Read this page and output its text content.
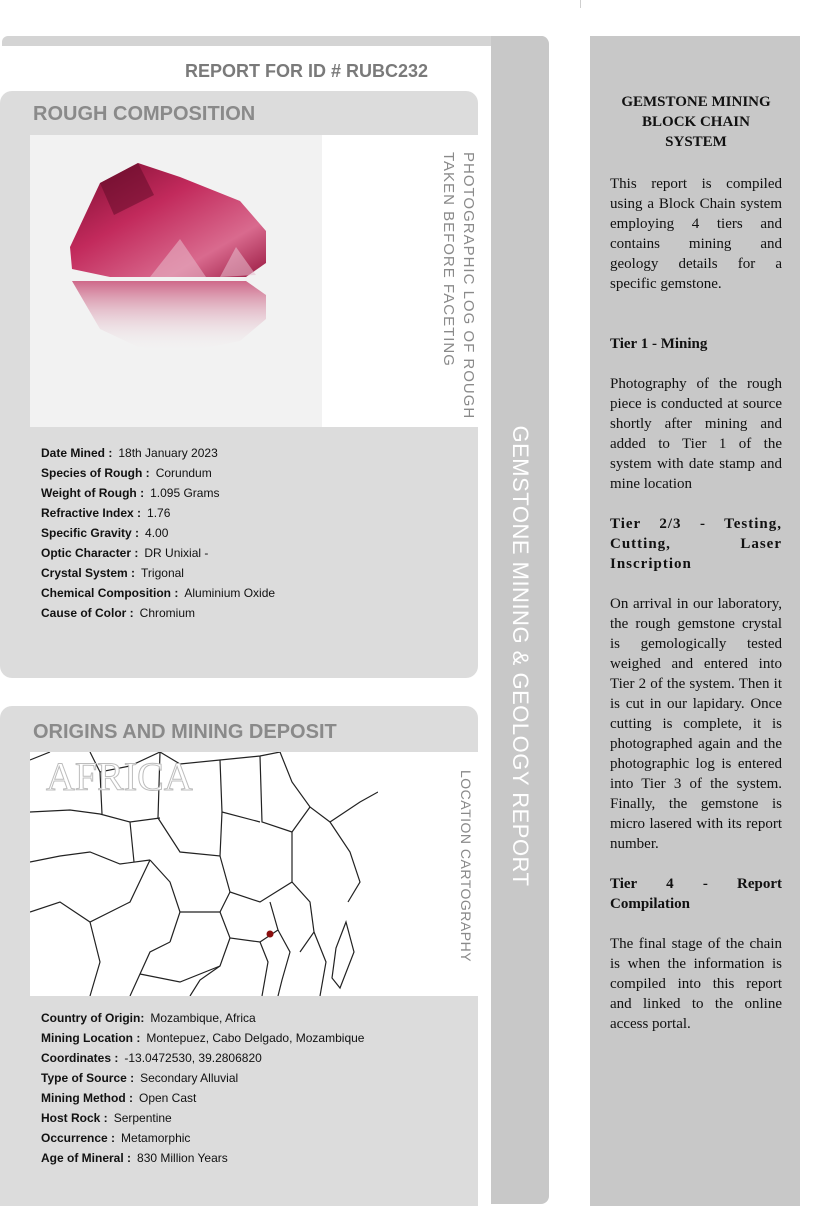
REPORT FOR ID # RUBC232
ROUGH COMPOSITION
PHOTOGRAPHIC LOG OF ROUGH
TAKEN BEFORE FACETING
Date Mined : 18th January 2023
Species of Rough : Corundum
Weight of Rough : 1.095 Grams
Refractive Index : 1.76
Specific Gravity : 4.00
Optic Character : DR Unixial -
Crystal System : Trigonal
Chemical Composition : Aluminium Oxide
Cause of Color : Chromium
ORIGINS AND MINING DEPOSIT
AFRICA	LOCATION CARTOGRAPHY
Country of Origin: Mozambique, Africa
Mining Location : Montepuez, Cabo Delgado, Mozambique
Coordinates : -13.0472530, 39.2806820
Type of Source : Secondary Alluvial
Mining Method : Open Cast
Host Rock : Serpentine
Occurrence : Metamorphic
Age of Mineral : 830 Million Years
GEMSTONE MINING & GEOLOGY REPORT
GEMSTONE MINING BLOCK CHAIN SYSTEM

This report is compiled using a Block Chain system employing 4 tiers and contains mining and geology details for a specific gemstone.

Tier 1 - Mining

Photography of the rough piece is conducted at source shortly after mining and added to Tier 1 of the system with date stamp and mine location

Tier 2/3 - Testing, Cutting, Laser Inscription

On arrival in our laboratory, the rough gemstone crystal is gemologically tested weighed and entered into Tier 2 of the system. Then it is cut in our lapidary. Once cutting is complete, it is photographed again and the photographic log is entered into Tier 3 of the system. Finally, the gemstone is micro lasered with its report number.

Tier 4 - Report Compilation

The final stage of the chain is when the information is compiled into this report and linked to the online access portal.
